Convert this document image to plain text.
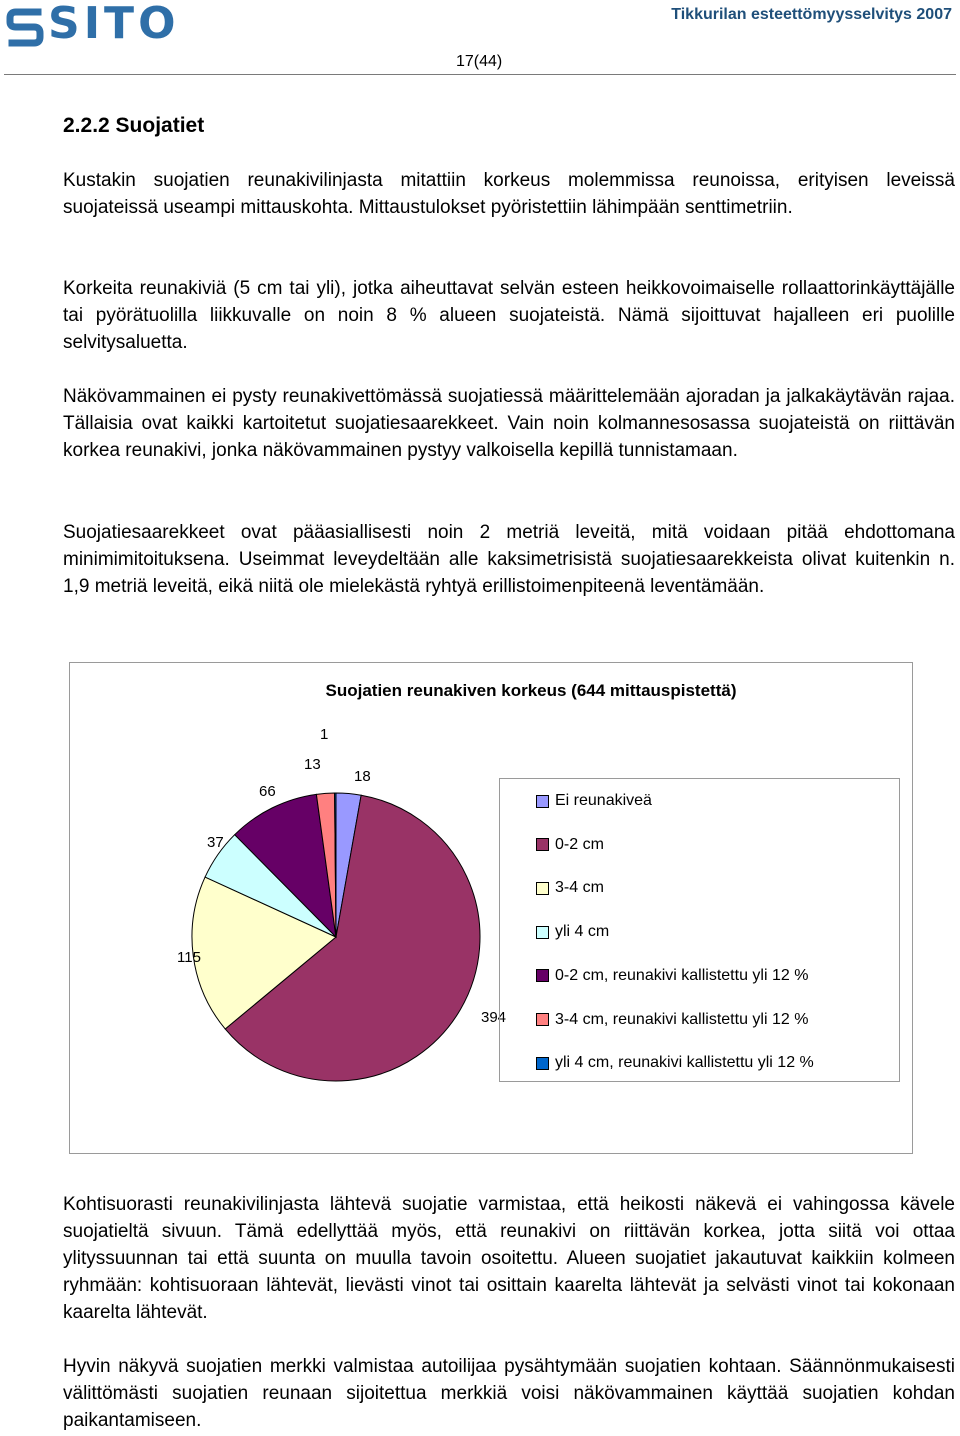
SITO	Tikkurilan esteettömyysselvitys 2007
17(44)
2.2.2 Suojatiet

Kustakin suojatien reunakivilinjasta mitattiin korkeus molemmissa reunoissa, erityisen leveissä suojateissä useampi mittauskohta. Mittaustulokset pyöristettiin lähimpään senttimetriin.

Korkeita reunakiviä (5 cm tai yli), jotka aiheuttavat selvän esteen heikkovoimaiselle rollaattorinkäyttäjälle tai pyörätuolilla liikkuvalle on noin 8 % alueen suojateistä. Nämä sijoittuvat hajalleen eri puolille selvitysaluetta.

Näkövammainen ei pysty reunakivettömässä suojatiessä määrittelemään ajoradan ja jalkakäytävän rajaa. Tällaisia ovat kaikki kartoitetut suojatiesaarekkeet. Vain noin kolmannesosassa suojateistä on riittävän korkea reunakivi, jonka näkövammainen pystyy valkoisella kepillä tunnistamaan.

Suojatiesaarekkeet ovat pääasiallisesti noin 2 metriä leveitä, mitä voidaan pitää ehdottomana minimimitoituksena. Useimmat leveydeltään alle kaksimetrisistä suojatiesaarekkeista olivat kuitenkin n. 1,9 metriä leveitä, eikä niitä ole mielekästä ryhtyä erillistoimenpiteenä leventämään.

Suojatien reunakiven korkeus (644 mittauspistettä)
18
394
115
37
66
13
1
Ei reunakiveä
0-2 cm
3-4 cm
yli 4 cm
0-2 cm, reunakivi kallistettu yli 12 %
3-4 cm, reunakivi kallistettu yli 12 %
yli 4 cm, reunakivi kallistettu yli 12 %

Kohtisuorasti reunakivilinjasta lähtevä suojatie varmistaa, että heikosti näkevä ei vahingossa kävele suojatieltä sivuun. Tämä edellyttää myös, että reunakivi on riittävän korkea, jotta siitä voi ottaa ylityssuunnan tai että suunta on muulla tavoin osoitettu. Alueen suojatiet jakautuvat kaikkiin kolmeen ryhmään: kohtisuoraan lähtevät, lievästi vinot tai osittain kaarelta lähtevät ja selvästi vinot tai kokonaan kaarelta lähtevät.

Hyvin näkyvä suojatien merkki valmistaa autoilijaa pysähtymään suojatien kohtaan. Säännönmukaisesti välittömästi suojatien reunaan sijoitettua merkkiä voisi näkövammainen käyttää suojatien kohdan paikantamiseen.
